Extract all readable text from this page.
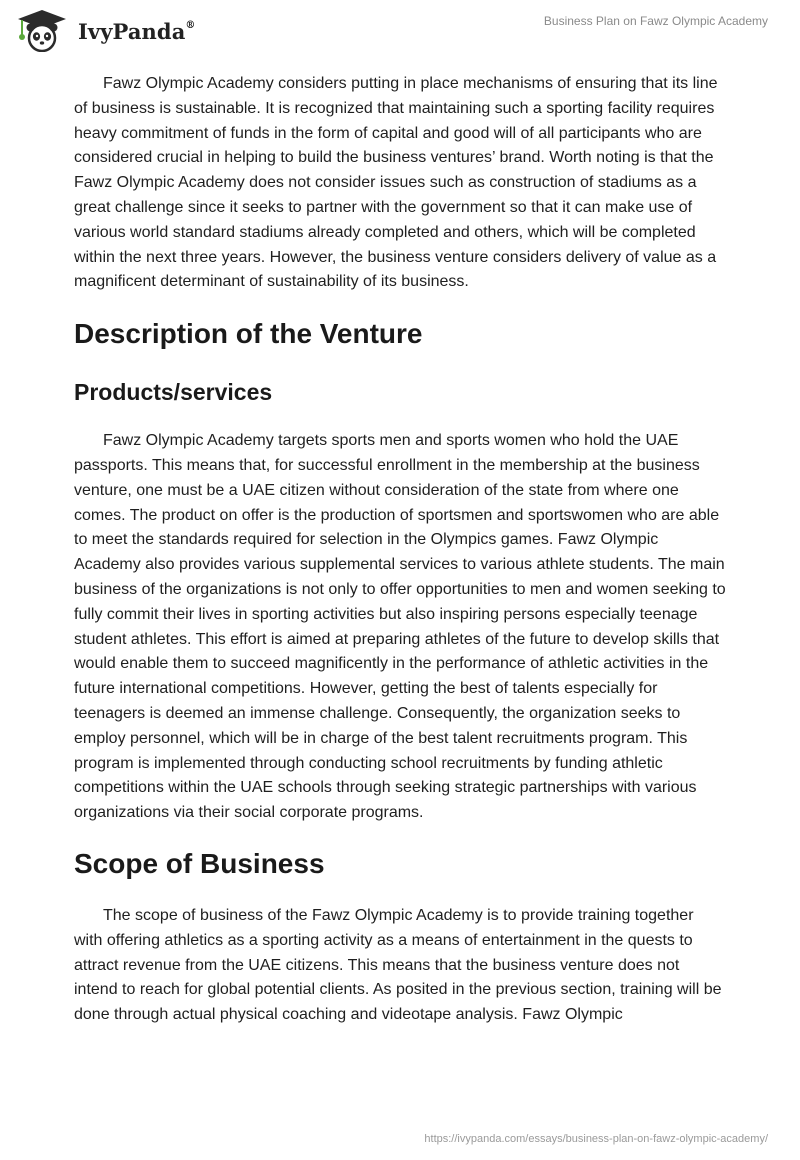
IvyPanda®	Business Plan on Fawz Olympic Academy

Fawz Olympic Academy considers putting in place mechanisms of ensuring that its line of business is sustainable. It is recognized that maintaining such a sporting facility requires heavy commitment of funds in the form of capital and good will of all participants who are considered crucial in helping to build the business ventures’ brand. Worth noting is that the Fawz Olympic Academy does not consider issues such as construction of stadiums as a great challenge since it seeks to partner with the government so that it can make use of various world standard stadiums already completed and others, which will be completed within the next three years. However, the business venture considers delivery of value as a magnificent determinant of sustainability of its business.

Description of the Venture
Products/services

Fawz Olympic Academy targets sports men and sports women who hold the UAE passports. This means that, for successful enrollment in the membership at the business venture, one must be a UAE citizen without consideration of the state from where one comes. The product on offer is the production of sportsmen and sportswomen who are able to meet the standards required for selection in the Olympics games. Fawz Olympic Academy also provides various supplemental services to various athlete students. The main business of the organizations is not only to offer opportunities to men and women seeking to fully commit their lives in sporting activities but also inspiring persons especially teenage student athletes. This effort is aimed at preparing athletes of the future to develop skills that would enable them to succeed magnificently in the performance of athletic activities in the future international competitions. However, getting the best of talents especially for teenagers is deemed an immense challenge. Consequently, the organization seeks to employ personnel, which will be in charge of the best talent recruitments program. This program is implemented through conducting school recruitments by funding athletic competitions within the UAE schools through seeking strategic partnerships with various organizations via their social corporate programs.

Scope of Business

The scope of business of the Fawz Olympic Academy is to provide training together with offering athletics as a sporting activity as a means of entertainment in the quests to attract revenue from the UAE citizens. This means that the business venture does not intend to reach for global potential clients. As posited in the previous section, training will be done through actual physical coaching and videotape analysis. Fawz Olympic

https://ivypanda.com/essays/business-plan-on-fawz-olympic-academy/
